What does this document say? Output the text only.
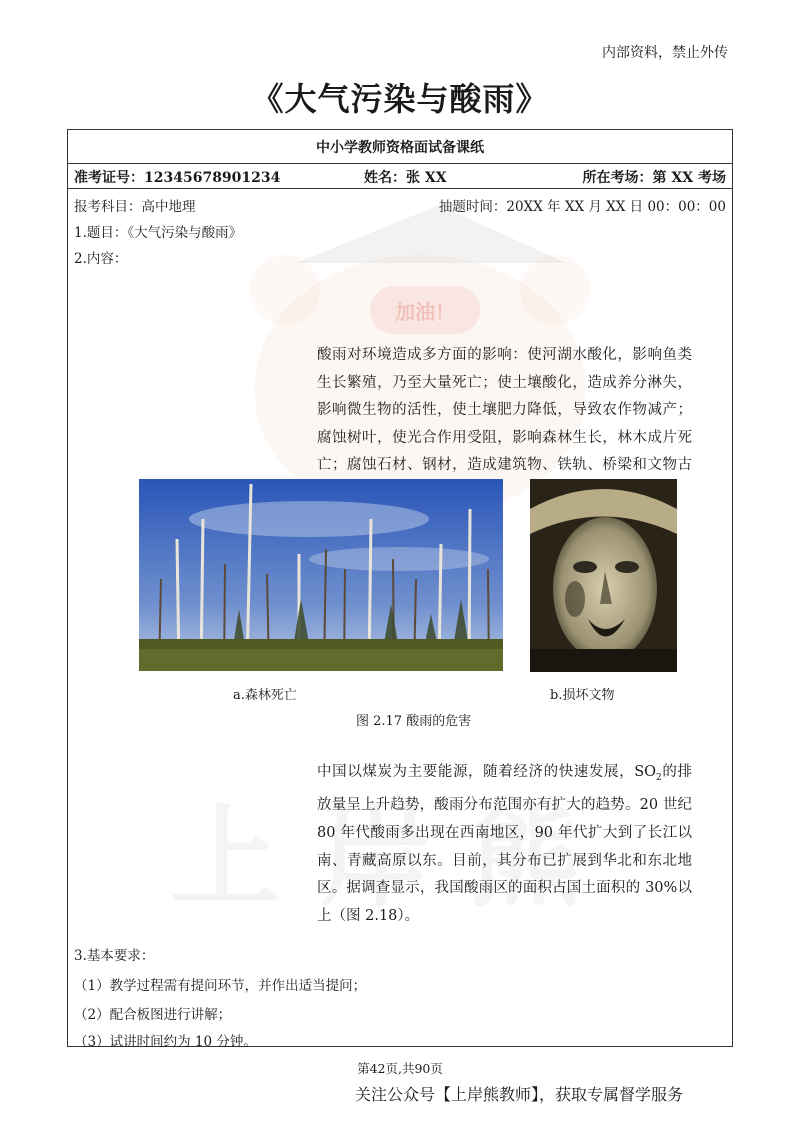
加油！
内部资料，禁止外传
《大气污染与酸雨》
中小学教师资格面试备课纸
准考证号：12345678901234	姓名：张 XX	所在考场：第 XX 考场
报考科目：高中地理	抽题时间：20XX 年 XX 月 XX 日 00：00：00
1.题目：《大气污染与酸雨》
2.内容：
3.基本要求：
（1）教学过程需有提问环节，并作出适当提问；
（2）配合板图进行讲解；
（3）试讲时间约为 10 分钟。
酸雨对环境造成多方面的影响：使河湖水酸化，影响鱼类生长繁殖，乃至大量死亡；使土壤酸化，造成养分淋失，影响微生物的活性，使土壤肥力降低，导致农作物减产；腐蚀树叶，使光合作用受阻，影响森林生长，林木成片死亡；腐蚀石材、钢材，造成建筑物、铁轨、桥梁和文物古
a.森林死亡	b.损坏文物
图 2.17 酸雨的危害
中国以煤炭为主要能源，随着经济的快速发展，$SO_2$的排放量呈上升趋势，酸雨分布范围亦有扩大的趋势。20 世纪 80 年代酸雨多出现在西南地区，90 年代扩大到了长江以南、青藏高原以东。目前，其分布已扩展到华北和东北地区。据调查显示，我国酸雨区的面积占国土面积的 30%以上（图 2.18）。
第42页,共90页
关注公众号【上岸熊教师】，获取专属督学服务
